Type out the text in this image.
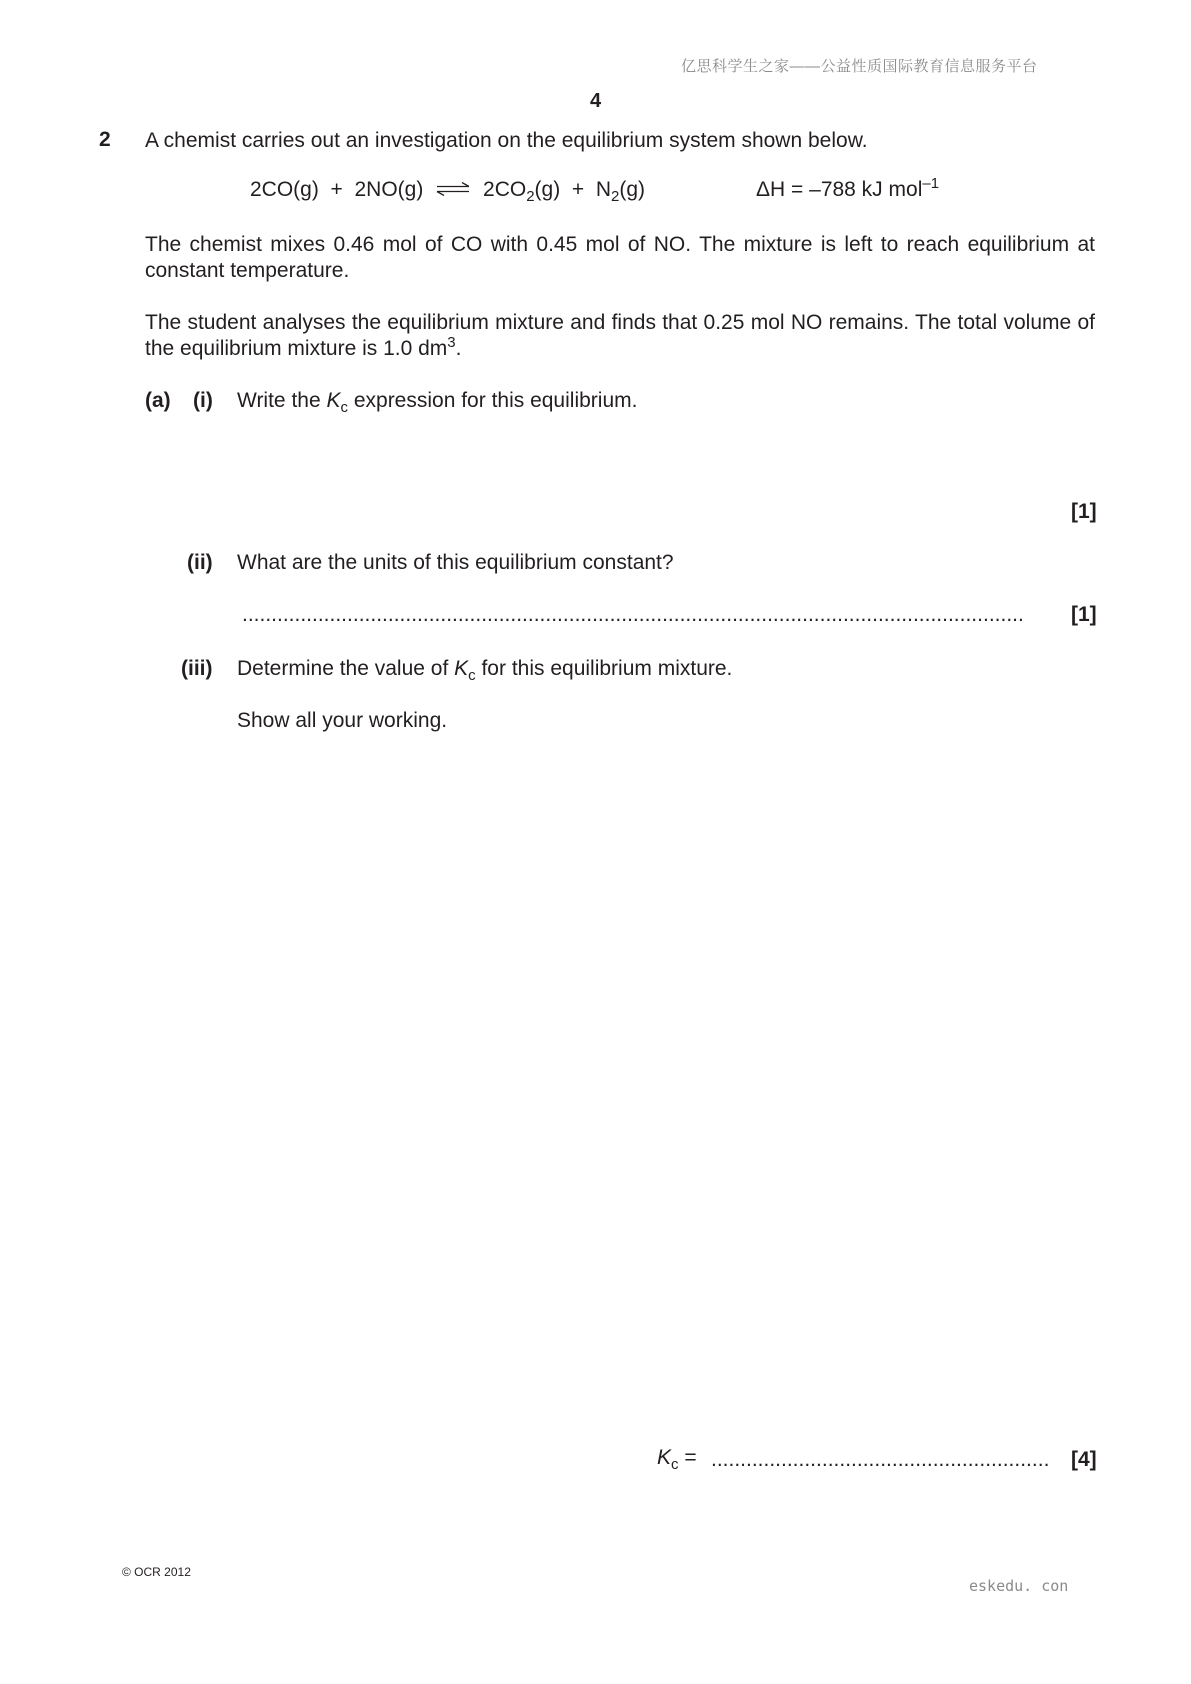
亿思科学生之家——公益性质国际教育信息服务平台
4
2 A chemist carries out an investigation on the equilibrium system shown below.
2CO(g) + 2NO(g) ⇌ $2CO_2(g) + N_2(g)$	ΔH = –788 kJ mol$^{-1}$
The chemist mixes 0.46 mol of CO with 0.45 mol of NO. The mixture is left to reach equilibrium at constant temperature.
The student analyses the equilibrium mixture and finds that 0.25 mol NO remains. The total volume of the equilibrium mixture is 1.0 $dm^3$.
(a) (i) Write the $K_c$ expression for this equilibrium.
[1]
(ii) What are the units of this equilibrium constant?
......................................................................................................................................	[1]
(iii) Determine the value of $K_c$ for this equilibrium mixture.
Show all your working.
$K_c$ = ..........................................................	[4]
© OCR 2012
eskedu. con
